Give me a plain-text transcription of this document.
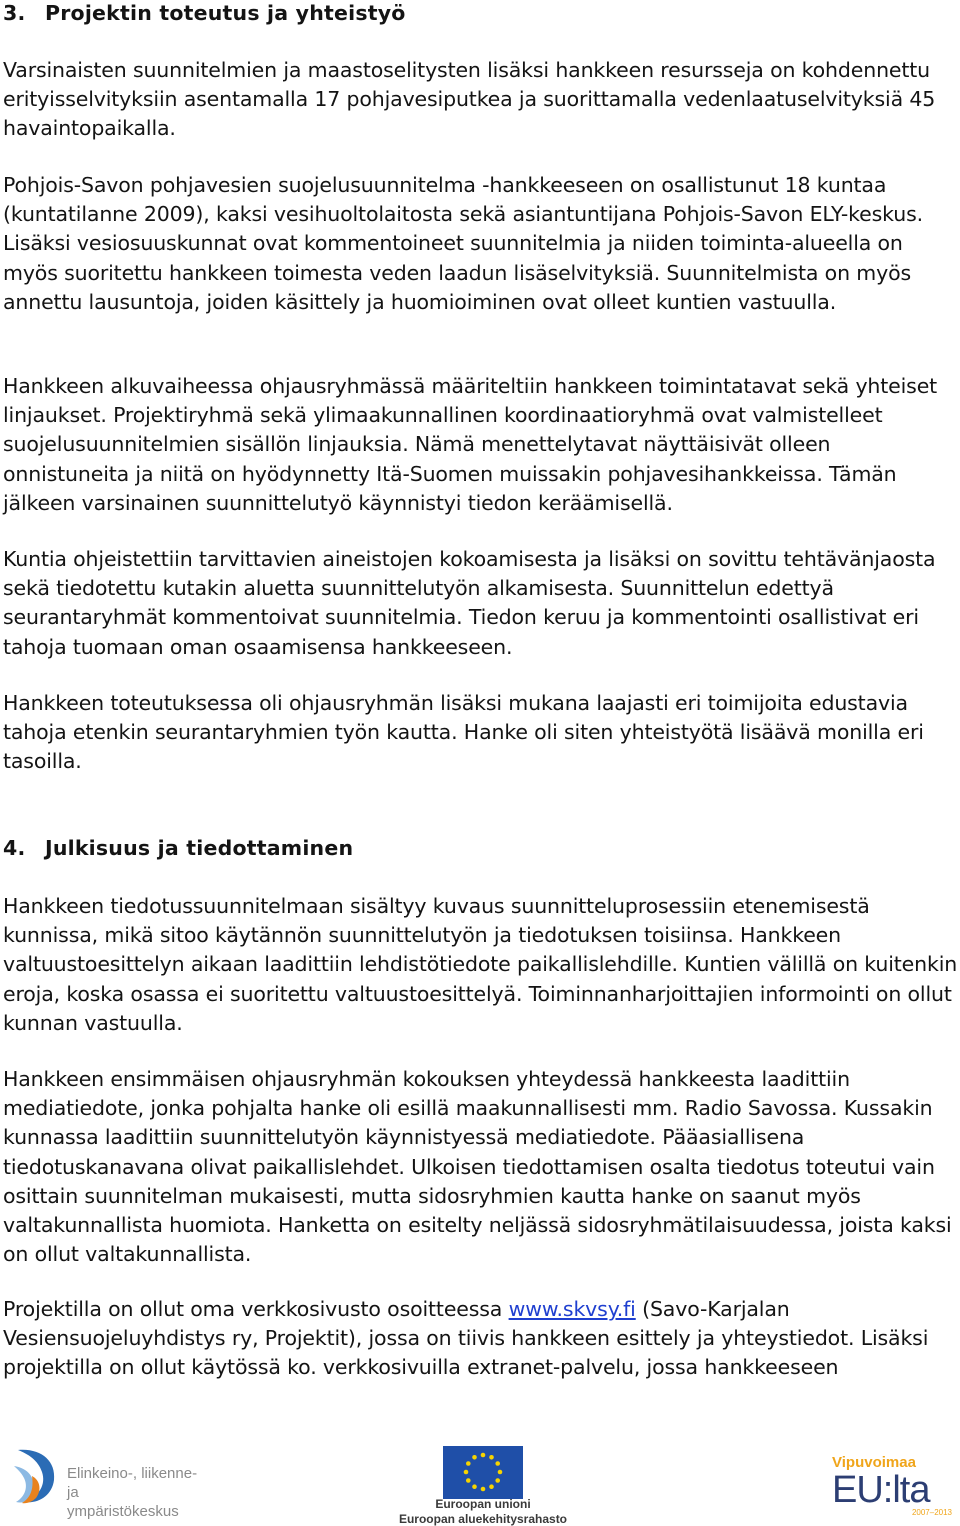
3. Projektin toteutus ja yhteistyö

Varsinaisten suunnitelmien ja maastoselitysten lisäksi hankkeen resursseja on kohdennettu erityisselvityksiin asentamalla 17 pohjavesiputkea ja suorittamalla vedenlaatuselvityksiä 45 havaintopaikalla.

Pohjois-Savon pohjavesien suojelusuunnitelma -hankkeeseen on osallistunut 18 kuntaa (kuntatilanne 2009), kaksi vesihuoltolaitosta sekä asiantuntijana Pohjois-Savon ELY-keskus. Lisäksi vesiosuuskunnat ovat kommentoineet suunnitelmia ja niiden toiminta-alueella on myös suoritettu hankkeen toimesta veden laadun lisäselvityksiä. Suunnitelmista on myös annettu lausuntoja, joiden käsittely ja huomioiminen ovat olleet kuntien vastuulla.

Hankkeen alkuvaiheessa ohjausryhmässä määriteltiin hankkeen toimintatavat sekä yhteiset linjaukset. Projektiryhmä sekä ylimaakunnallinen koordinaatioryhmä ovat valmistelleet suojelusuunnitelmien sisällön linjauksia. Nämä menettelytavat näyttäisivät olleen onnistuneita ja niitä on hyödynnetty Itä-Suomen muissakin pohjavesihankkeissa. Tämän jälkeen varsinainen suunnittelutyö käynnistyi tiedon keräämisellä.

Kuntia ohjeistettiin tarvittavien aineistojen kokoamisesta ja lisäksi on sovittu tehtävänjaosta sekä tiedotettu kutakin aluetta suunnittelutyön alkamisesta. Suunnittelun edettyä seurantaryhmät kommentoivat suunnitelmia. Tiedon keruu ja kommentointi osallistivat eri tahoja tuomaan oman osaamisensa hankkeeseen.

Hankkeen toteutuksessa oli ohjausryhmän lisäksi mukana laajasti eri toimijoita edustavia tahoja etenkin seurantaryhmien työn kautta. Hanke oli siten yhteistyötä lisäävä monilla eri tasoilla.

4. Julkisuus ja tiedottaminen

Hankkeen tiedotussuunnitelmaan sisältyy kuvaus suunnitteluprosessiin etenemisestä kunnissa, mikä sitoo käytännön suunnittelutyön ja tiedotuksen toisiinsa. Hankkeen valtuustoesittelyn aikaan laadittiin lehdistötiedote paikallislehdille. Kuntien välillä on kuitenkin eroja, koska osassa ei suoritettu valtuustoesittelyä. Toiminnanharjoittajien informointi on ollut kunnan vastuulla.

Hankkeen ensimmäisen ohjausryhmän kokouksen yhteydessä hankkeesta laadittiin mediatiedote, jonka pohjalta hanke oli esillä maakunnallisesti mm. Radio Savossa. Kussakin kunnassa laadittiin suunnittelutyön käynnistyessä mediatiedote. Pääasiallisena tiedotuskanavana olivat paikallislehdet. Ulkoisen tiedottamisen osalta tiedotus toteutui vain osittain suunnitelman mukaisesti, mutta sidosryhmien kautta hanke on saanut myös valtakunnallista huomiota. Hanketta on esitelty neljässä sidosryhmätilaisuudessa, joista kaksi on ollut valtakunnallista.

Projektilla on ollut oma verkkosivusto osoitteessa www.skvsy.fi (Savo-Karjalan Vesiensuojeluyhdistys ry, Projektit), jossa on tiivis hankkeen esittely ja yhteystiedot. Lisäksi projektilla on ollut käytössä ko. verkkosivuilla extranet-palvelu, jossa hankkeeseen

Elinkeino-, liikenne- ja
ympäristökeskus	Euroopan unioni
Euroopan aluekehitysrahasto
Vipuvoimaa
EU:lta
2007–2013
